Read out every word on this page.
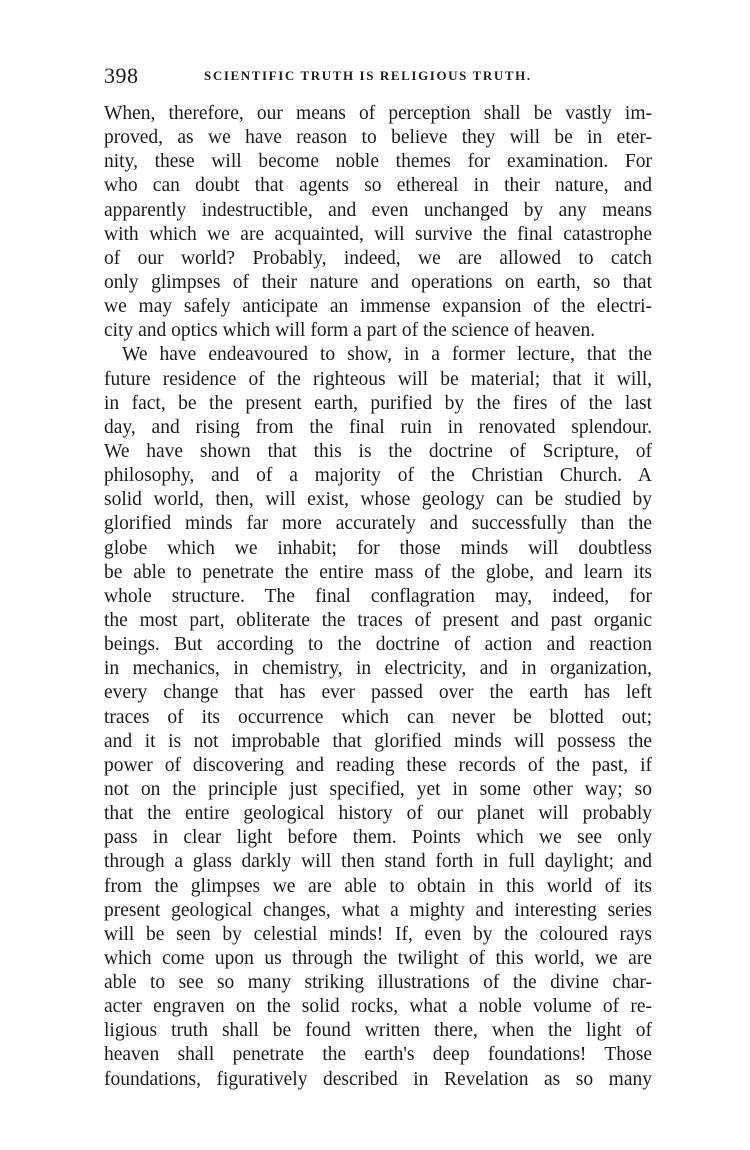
398	SCIENTIFIC TRUTH IS RELIGIOUS TRUTH.
When, therefore, our means of perception shall be vastly im-
proved, as we have reason to believe they will be in eter-
nity, these will become noble themes for examination. For
who can doubt that agents so ethereal in their nature, and
apparently indestructible, and even unchanged by any means
with which we are acquainted, will survive the final catastrophe
of our world? Probably, indeed, we are allowed to catch
only glimpses of their nature and operations on earth, so that
we may safely anticipate an immense expansion of the electri-
city and optics which will form a part of the science of heaven.
We have endeavoured to show, in a former lecture, that the
future residence of the righteous will be material; that it will,
in fact, be the present earth, purified by the fires of the last
day, and rising from the final ruin in renovated splendour.
We have shown that this is the doctrine of Scripture, of
philosophy, and of a majority of the Christian Church. A
solid world, then, will exist, whose geology can be studied by
glorified minds far more accurately and successfully than the
globe which we inhabit; for those minds will doubtless
be able to penetrate the entire mass of the globe, and learn its
whole structure. The final conflagration may, indeed, for
the most part, obliterate the traces of present and past organic
beings. But according to the doctrine of action and reaction
in mechanics, in chemistry, in electricity, and in organization,
every change that has ever passed over the earth has left
traces of its occurrence which can never be blotted out;
and it is not improbable that glorified minds will possess the
power of discovering and reading these records of the past, if
not on the principle just specified, yet in some other way; so
that the entire geological history of our planet will probably
pass in clear light before them. Points which we see only
through a glass darkly will then stand forth in full daylight; and
from the glimpses we are able to obtain in this world of its
present geological changes, what a mighty and interesting series
will be seen by celestial minds! If, even by the coloured rays
which come upon us through the twilight of this world, we are
able to see so many striking illustrations of the divine char-
acter engraven on the solid rocks, what a noble volume of re-
ligious truth shall be found written there, when the light of
heaven shall penetrate the earth's deep foundations! Those
foundations, figuratively described in Revelation as so many
